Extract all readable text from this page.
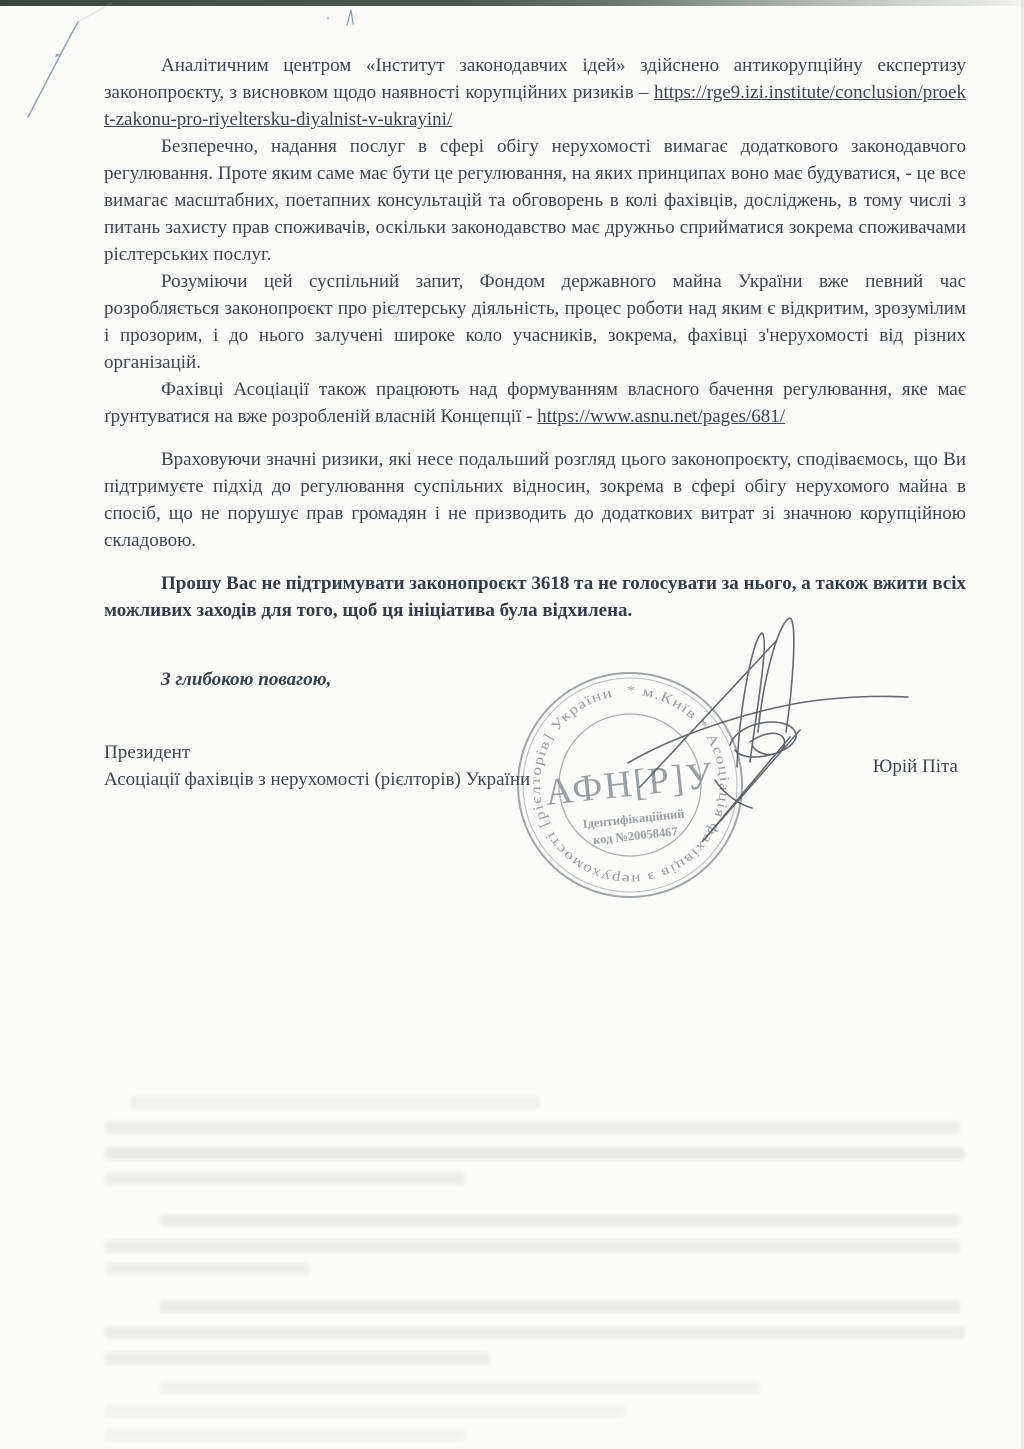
Аналітичним центром «Інститут законодавчих ідей» здійснено антикорупційну експертизу законопроєкту, з висновком щодо наявності корупційних ризиків – https://rge9.izi.institute/conclusion/proekt-zakonu-pro-riyeltersku-diyalnist-v-ukrayini/

Безперечно, надання послуг в сфері обігу нерухомості вимагає додаткового законодавчого регулювання. Проте яким саме має бути це регулювання, на яких принципах воно має будуватися, - це все вимагає масштабних, поетапних консультацій та обговорень в колі фахівців, досліджень, в тому числі з питань захисту прав споживачів, оскільки законодавство має дружньо сприйматися зокрема споживачами рієлтерських послуг.

Розуміючи цей суспільний запит, Фондом державного майна України вже певний час розробляється законопроєкт про рієлтерську діяльність, процес роботи над яким є відкритим, зрозумілим і прозорим, і до нього залучені широке коло учасників, зокрема, фахівці з'нерухомості від різних організацій.

Фахівці Асоціації також працюють над формуванням власного бачення регулювання, яке має ґрунтуватися на вже розробленій власній Концепції - https://www.asnu.net/pages/681/

Враховуючи значні ризики, які несе подальший розгляд цього законопроєкту, сподіваємось, що Ви підтримуєте підхід до регулювання суспільних відносин, зокрема в сфері обігу нерухомого майна в спосіб, що не порушує прав громадян і не призводить до додаткових витрат зі значною корупційною складовою.

Прошу Вас не підтримувати законопроєкт 3618 та не голосувати за нього, а також вжити всіх можливих заходів для того, щоб ця ініціатива була відхилена.

З глибокою повагою,

Президент
Асоціації фахівців з нерухомості (рієлторів) України
Юрій Піта
* м.Київ * Асоціація фахівців з нерухомості [рієлторів] України
АФН[Р]У
Ідентифікаційний
код №20058467
